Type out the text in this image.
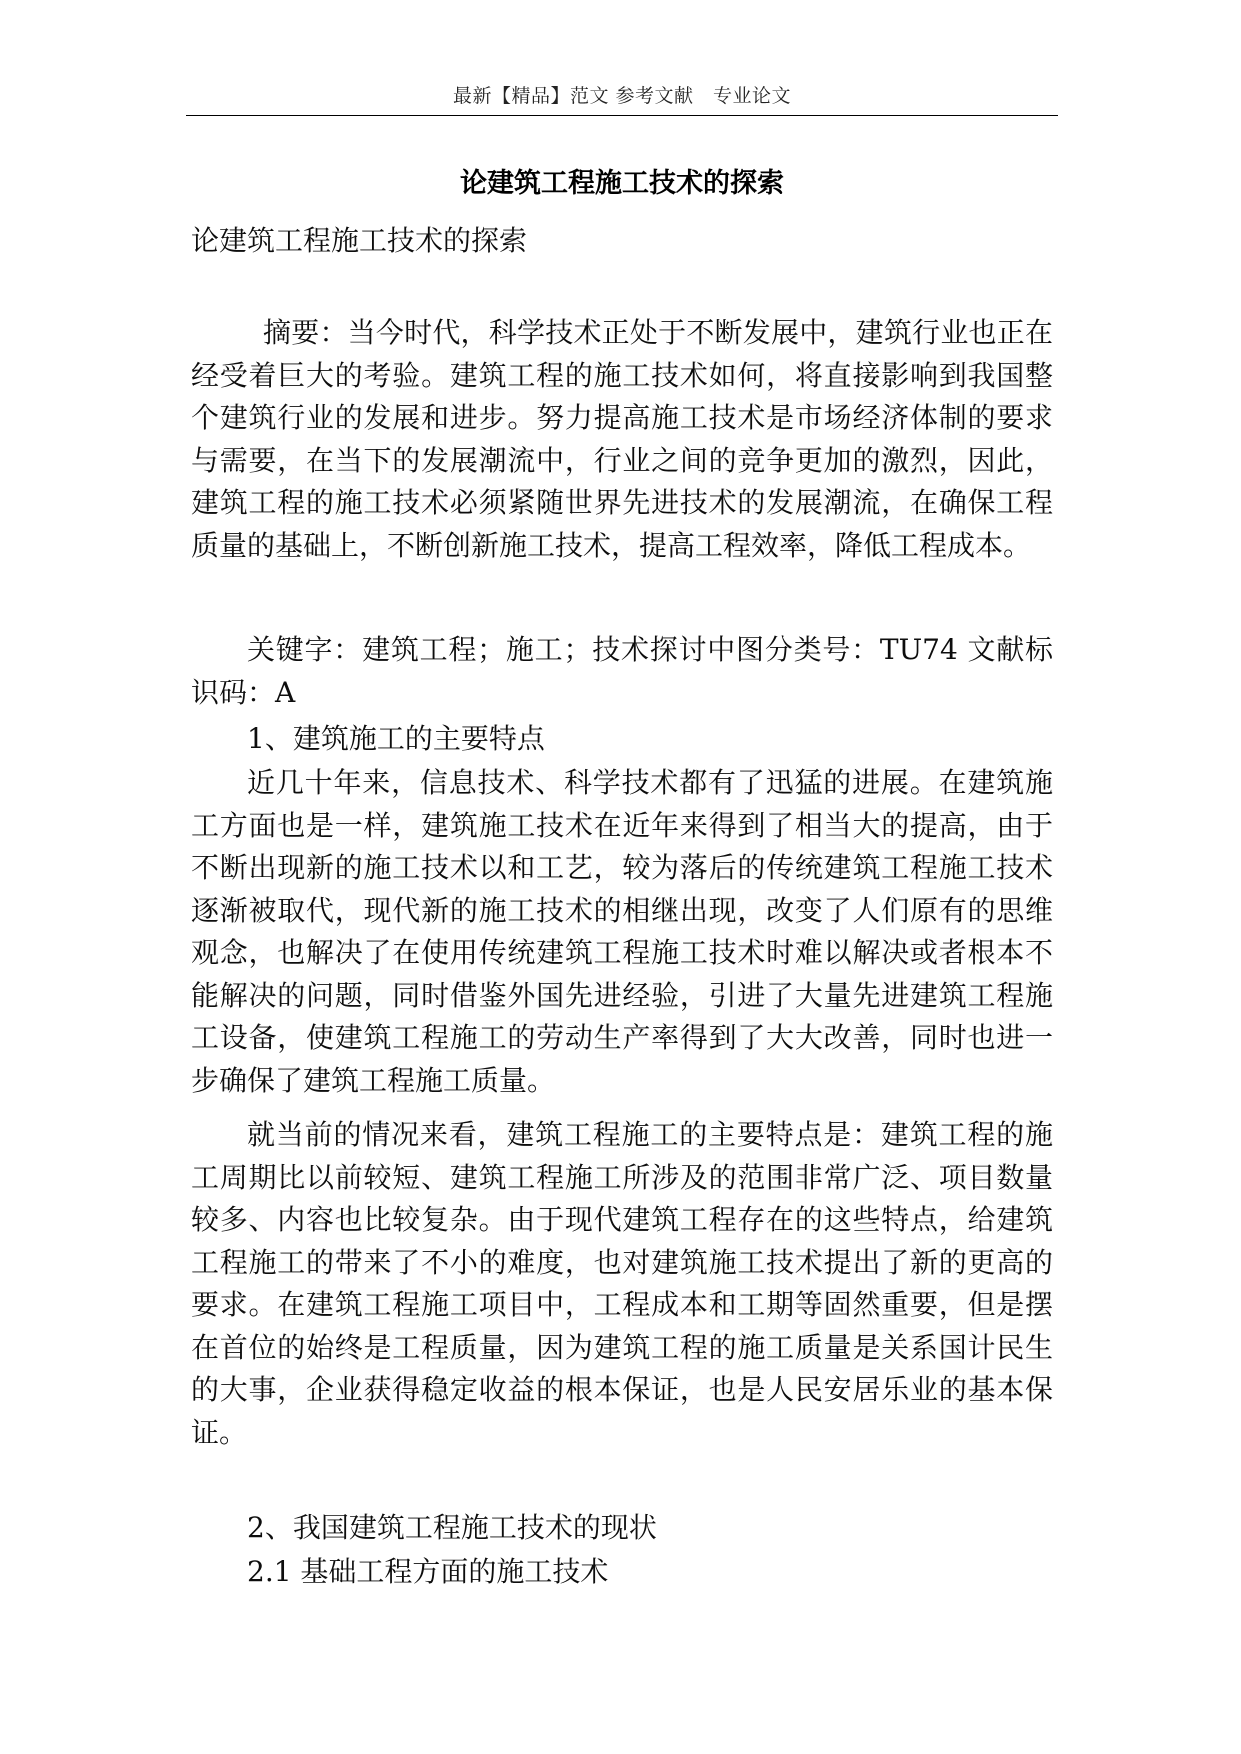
最新【精品】范文 参考文献　专业论文
论建筑工程施工技术的探索

论建筑工程施工技术的探索

摘要：当今时代，科学技术正处于不断发展中，建筑行业也正在经受着巨大的考验。建筑工程的施工技术如何，将直接影响到我国整个建筑行业的发展和进步。努力提高施工技术是市场经济体制的要求与需要，在当下的发展潮流中，行业之间的竞争更加的激烈，因此，建筑工程的施工技术必须紧随世界先进技术的发展潮流，在确保工程质量的基础上，不断创新施工技术，提高工程效率，降低工程成本。

关键字：建筑工程；施工；技术探讨中图分类号：TU74 文献标识码：A

1、建筑施工的主要特点

近几十年来，信息技术、科学技术都有了迅猛的进展。在建筑施工方面也是一样，建筑施工技术在近年来得到了相当大的提高，由于不断出现新的施工技术以和工艺，较为落后的传统建筑工程施工技术逐渐被取代，现代新的施工技术的相继出现，改变了人们原有的思维观念，也解决了在使用传统建筑工程施工技术时难以解决或者根本不能解决的问题，同时借鉴外国先进经验，引进了大量先进建筑工程施工设备，使建筑工程施工的劳动生产率得到了大大改善，同时也进一步确保了建筑工程施工质量。

就当前的情况来看，建筑工程施工的主要特点是：建筑工程的施工周期比以前较短、建筑工程施工所涉及的范围非常广泛、项目数量较多、内容也比较复杂。由于现代建筑工程存在的这些特点，给建筑工程施工的带来了不小的难度，也对建筑施工技术提出了新的更高的要求。在建筑工程施工项目中，工程成本和工期等固然重要，但是摆在首位的始终是工程质量，因为建筑工程的施工质量是关系国计民生的大事，企业获得稳定收益的根本保证，也是人民安居乐业的基本保证。

2、我国建筑工程施工技术的现状

2.1 基础工程方面的施工技术
